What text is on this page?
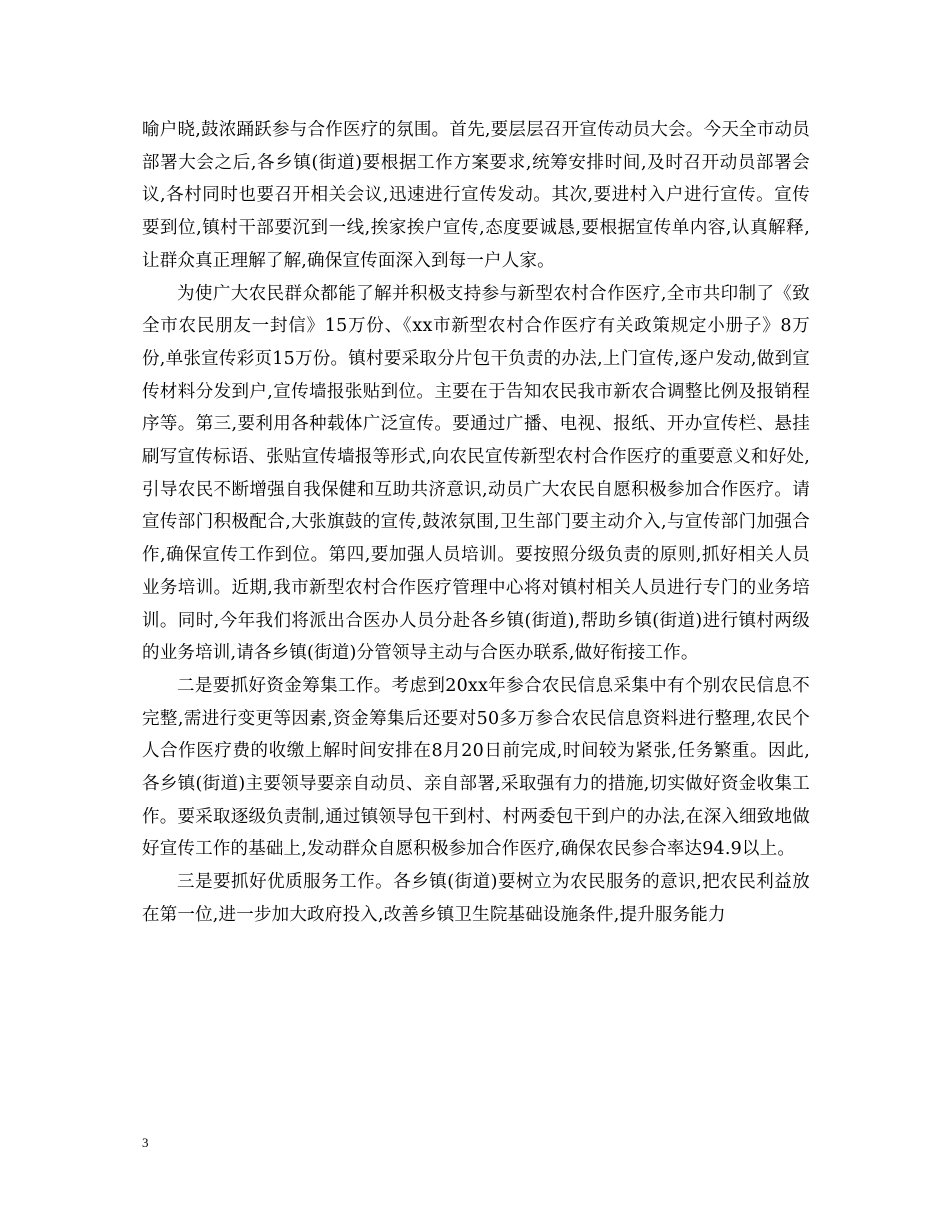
喻户晓,鼓浓踊跃参与合作医疗的氛围。首先,要层层召开宣传动员大会。今天全市动员部署大会之后,各乡镇(街道)要根据工作方案要求,统筹安排时间,及时召开动员部署会议,各村同时也要召开相关会议,迅速进行宣传发动。其次,要进村入户进行宣传。宣传要到位,镇村干部要沉到一线,挨家挨户宣传,态度要诚恳,要根据宣传单内容,认真解释,让群众真正理解了解,确保宣传面深入到每一户人家。

为使广大农民群众都能了解并积极支持参与新型农村合作医疗,全市共印制了《致全市农民朋友一封信》15万份、《xx市新型农村合作医疗有关政策规定小册子》8万份,单张宣传彩页15万份。镇村要采取分片包干负责的办法,上门宣传,逐户发动,做到宣传材料分发到户,宣传墙报张贴到位。主要在于告知农民我市新农合调整比例及报销程序等。第三,要利用各种载体广泛宣传。要通过广播、电视、报纸、开办宣传栏、悬挂刷写宣传标语、张贴宣传墙报等形式,向农民宣传新型农村合作医疗的重要意义和好处,引导农民不断增强自我保健和互助共济意识,动员广大农民自愿积极参加合作医疗。请宣传部门积极配合,大张旗鼓的宣传,鼓浓氛围,卫生部门要主动介入,与宣传部门加强合作,确保宣传工作到位。第四,要加强人员培训。要按照分级负责的原则,抓好相关人员业务培训。近期,我市新型农村合作医疗管理中心将对镇村相关人员进行专门的业务培训。同时,今年我们将派出合医办人员分赴各乡镇(街道),帮助乡镇(街道)进行镇村两级的业务培训,请各乡镇(街道)分管领导主动与合医办联系,做好衔接工作。

二是要抓好资金筹集工作。考虑到20xx年参合农民信息采集中有个别农民信息不完整,需进行变更等因素,资金筹集后还要对50多万参合农民信息资料进行整理,农民个人合作医疗费的收缴上解时间安排在8月20日前完成,时间较为紧张,任务繁重。因此,各乡镇(街道)主要领导要亲自动员、亲自部署,采取强有力的措施,切实做好资金收集工作。要采取逐级负责制,通过镇领导包干到村、村两委包干到户的办法,在深入细致地做好宣传工作的基础上,发动群众自愿积极参加合作医疗,确保农民参合率达94.9以上。

三是要抓好优质服务工作。各乡镇(街道)要树立为农民服务的意识,把农民利益放在第一位,进一步加大政府投入,改善乡镇卫生院基础设施条件,提升服务能力

3
